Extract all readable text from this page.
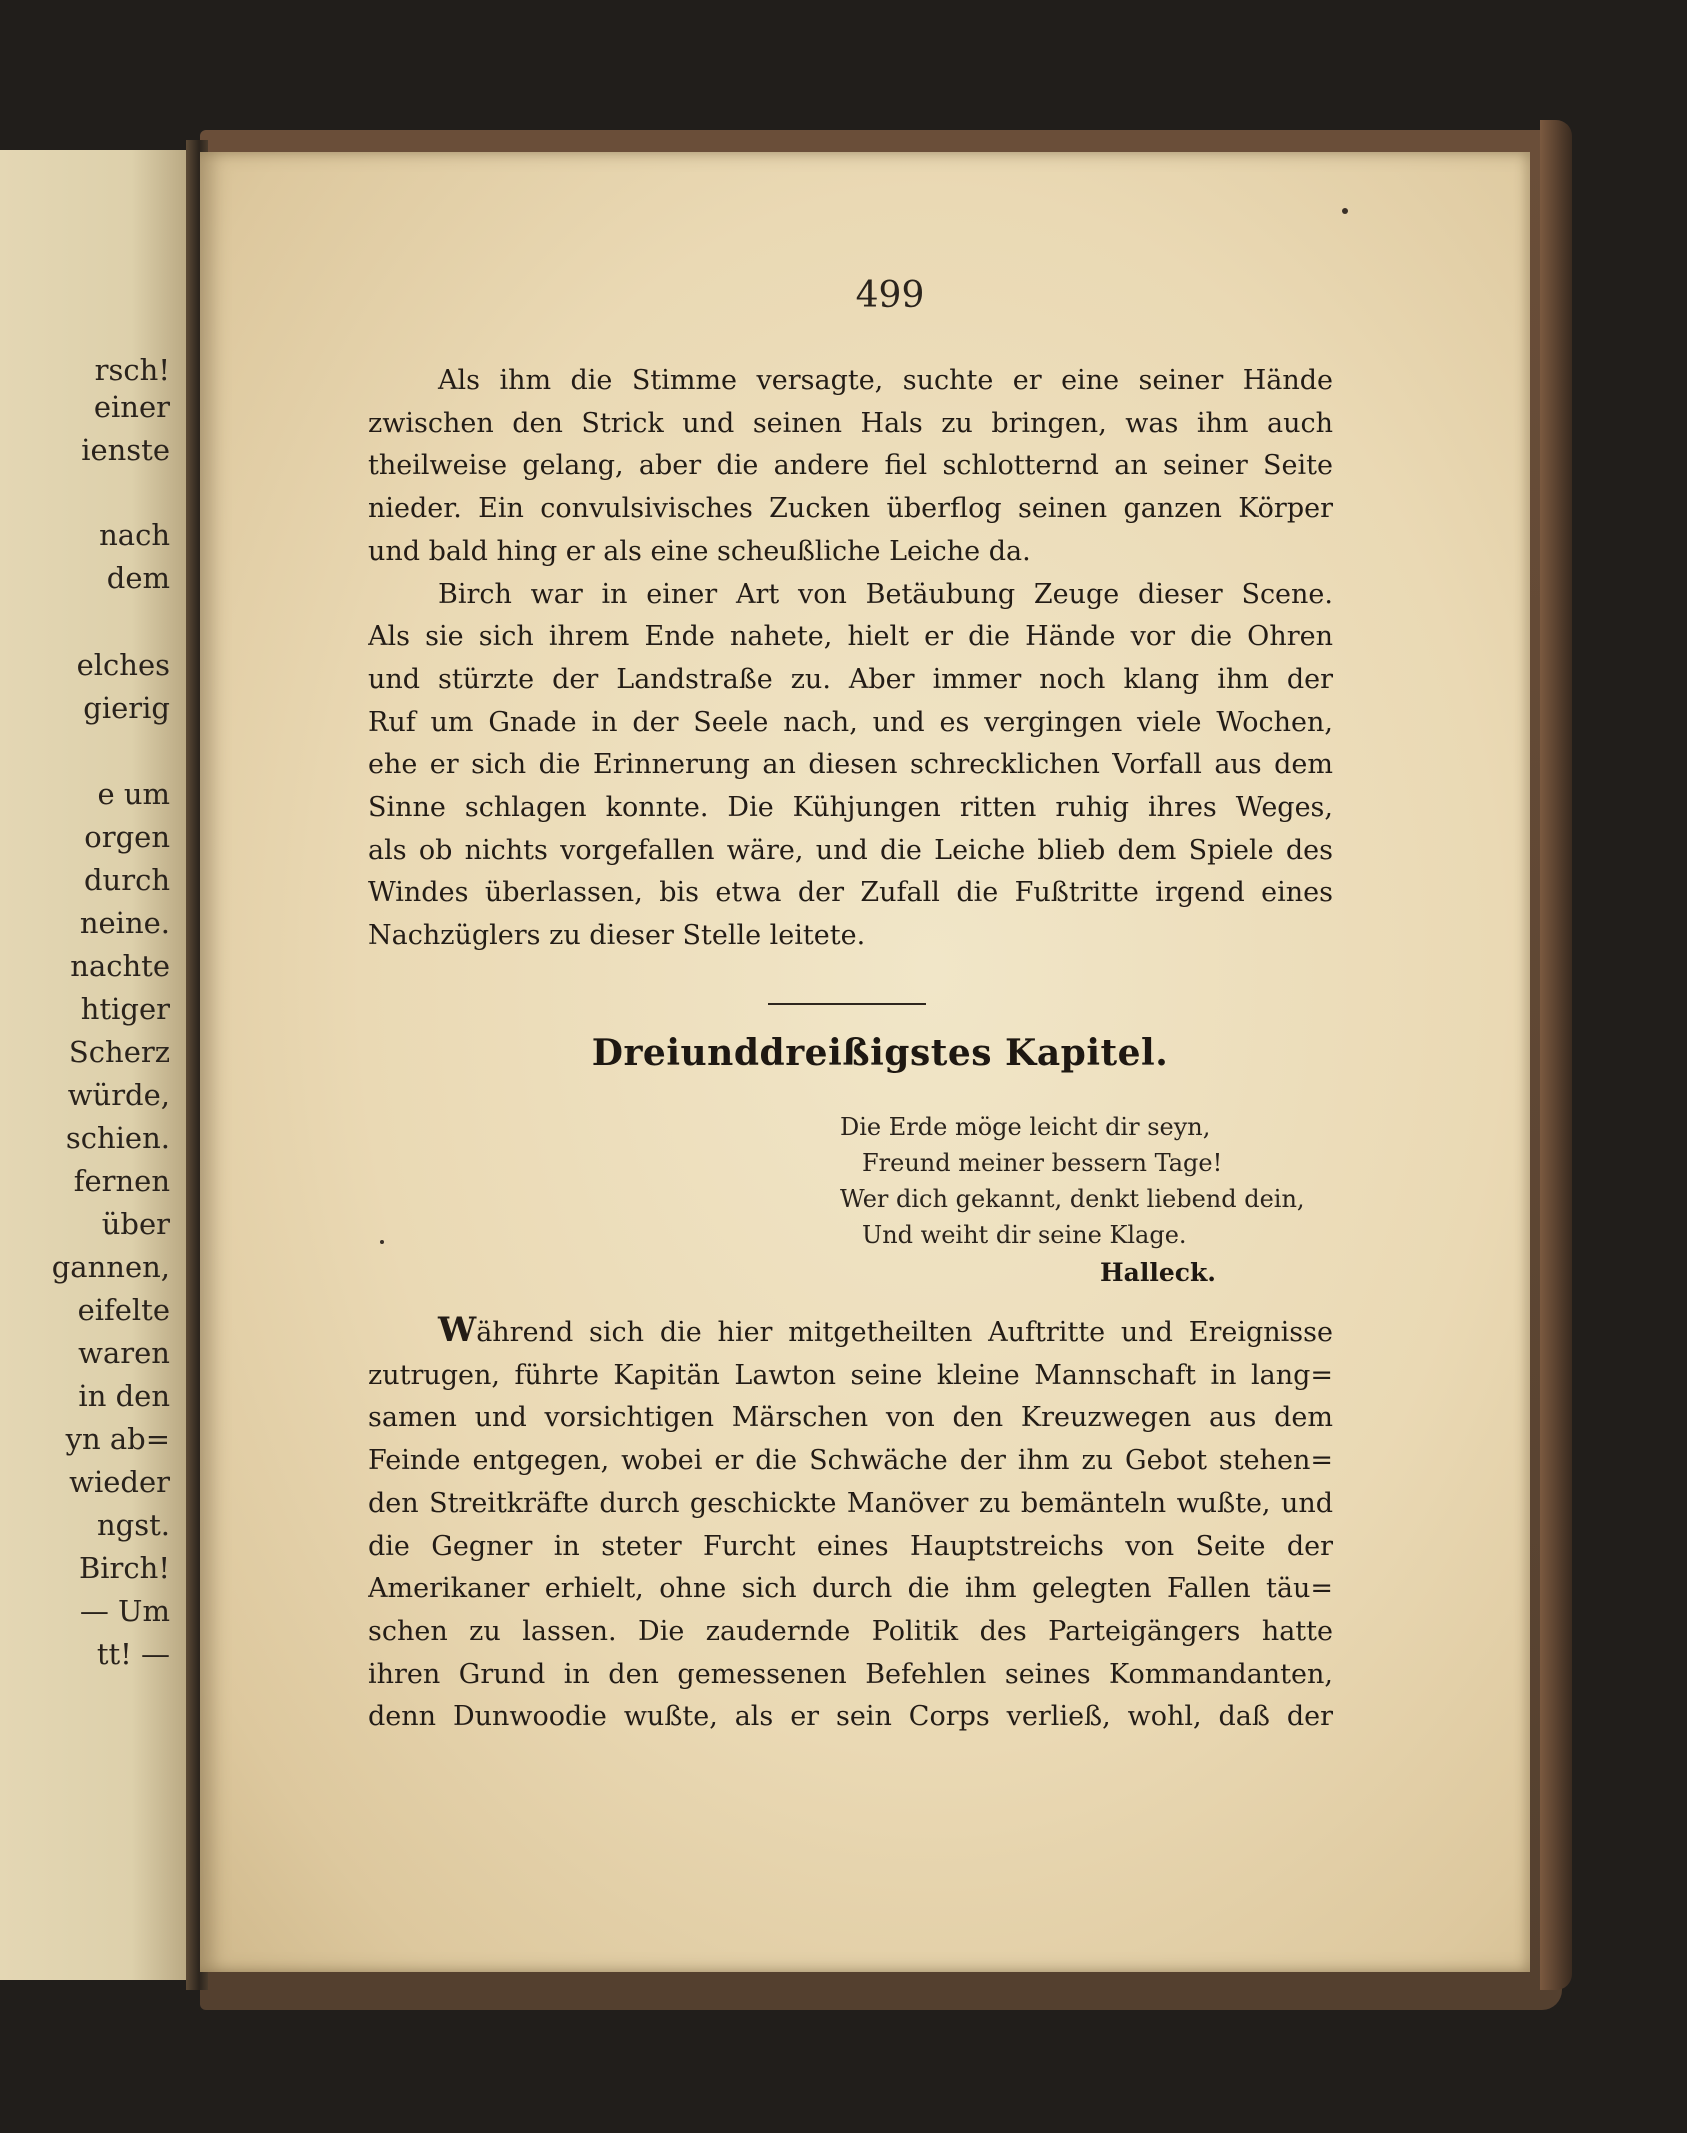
rsch!
einer
ienste
nach
dem
elches
gierig
e um
orgen
durch
neine.
nachte
htiger
Scherz
würde,
schien.
fernen
über
gannen,
eifelte
waren
in den
yn ab=
wieder
ngst.
Birch!
— Um
tt! —
499
Als ihm die Stimme versagte, suchte er eine seiner Hände
zwischen den Strick und seinen Hals zu bringen, was ihm auch
theilweise gelang, aber die andere fiel schlotternd an seiner Seite
nieder. Ein convulsivisches Zucken überflog seinen ganzen Körper
und bald hing er als eine scheußliche Leiche da.
Birch war in einer Art von Betäubung Zeuge dieser Scene.
Als sie sich ihrem Ende nahete, hielt er die Hände vor die Ohren
und stürzte der Landstraße zu. Aber immer noch klang ihm der
Ruf um Gnade in der Seele nach, und es vergingen viele Wochen,
ehe er sich die Erinnerung an diesen schrecklichen Vorfall aus dem
Sinne schlagen konnte. Die Kühjungen ritten ruhig ihres Weges,
als ob nichts vorgefallen wäre, und die Leiche blieb dem Spiele des
Windes überlassen, bis etwa der Zufall die Fußtritte irgend eines
Nachzüglers zu dieser Stelle leitete.
Dreiunddreißigstes Kapitel.
Die Erde möge leicht dir seyn,
Freund meiner bessern Tage!
Wer dich gekannt, denkt liebend dein,
Und weiht dir seine Klage.
Halleck.
Während sich die hier mitgetheilten Auftritte und Ereignisse
zutrugen, führte Kapitän Lawton seine kleine Mannschaft in lang=
samen und vorsichtigen Märschen von den Kreuzwegen aus dem
Feinde entgegen, wobei er die Schwäche der ihm zu Gebot stehen=
den Streitkräfte durch geschickte Manöver zu bemänteln wußte, und
die Gegner in steter Furcht eines Hauptstreichs von Seite der
Amerikaner erhielt, ohne sich durch die ihm gelegten Fallen täu=
schen zu lassen. Die zaudernde Politik des Parteigängers hatte
ihren Grund in den gemessenen Befehlen seines Kommandanten,
denn Dunwoodie wußte, als er sein Corps verließ, wohl, daß der
